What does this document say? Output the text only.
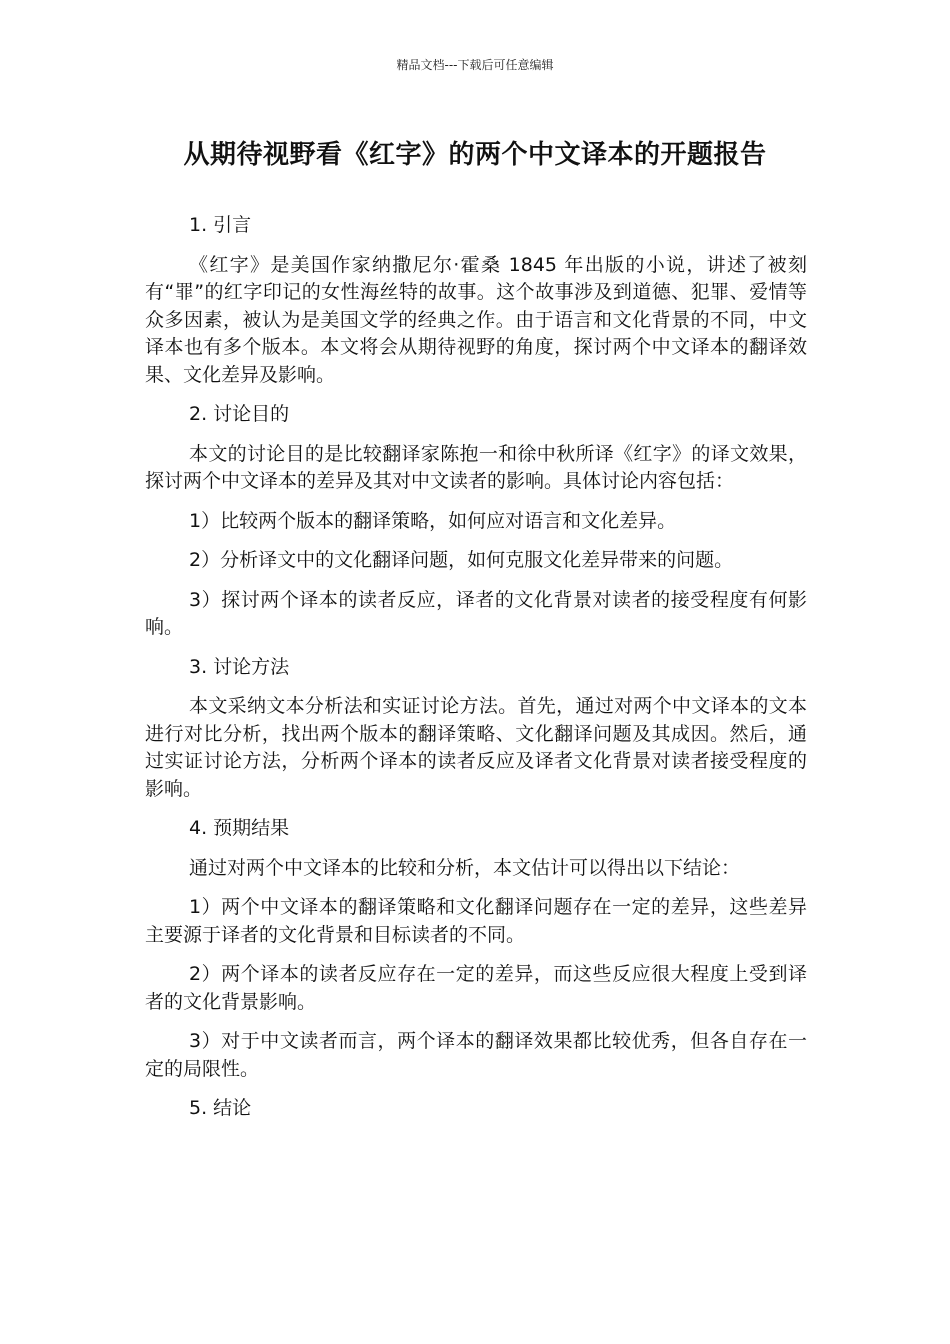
精品文档---下载后可任意编辑
从期待视野看《红字》的两个中文译本的开题报告

1. 引言

《红字》是美国作家纳撒尼尔·霍桑 1845 年出版的小说，讲述了被刻有“罪”的红字印记的女性海丝特的故事。这个故事涉及到道德、犯罪、爱情等众多因素，被认为是美国文学的经典之作。由于语言和文化背景的不同，中文译本也有多个版本。本文将会从期待视野的角度，探讨两个中文译本的翻译效果、文化差异及影响。

2. 讨论目的

本文的讨论目的是比较翻译家陈抱一和徐中秋所译《红字》的译文效果，探讨两个中文译本的差异及其对中文读者的影响。具体讨论内容包括：

1）比较两个版本的翻译策略，如何应对语言和文化差异。

2）分析译文中的文化翻译问题，如何克服文化差异带来的问题。

3）探讨两个译本的读者反应，译者的文化背景对读者的接受程度有何影响。

3. 讨论方法

本文采纳文本分析法和实证讨论方法。首先，通过对两个中文译本的文本进行对比分析，找出两个版本的翻译策略、文化翻译问题及其成因。然后，通过实证讨论方法，分析两个译本的读者反应及译者文化背景对读者接受程度的影响。

4. 预期结果

通过对两个中文译本的比较和分析，本文估计可以得出以下结论：

1）两个中文译本的翻译策略和文化翻译问题存在一定的差异，这些差异主要源于译者的文化背景和目标读者的不同。

2）两个译本的读者反应存在一定的差异，而这些反应很大程度上受到译者的文化背景影响。

3）对于中文读者而言，两个译本的翻译效果都比较优秀，但各自存在一定的局限性。

5. 结论
